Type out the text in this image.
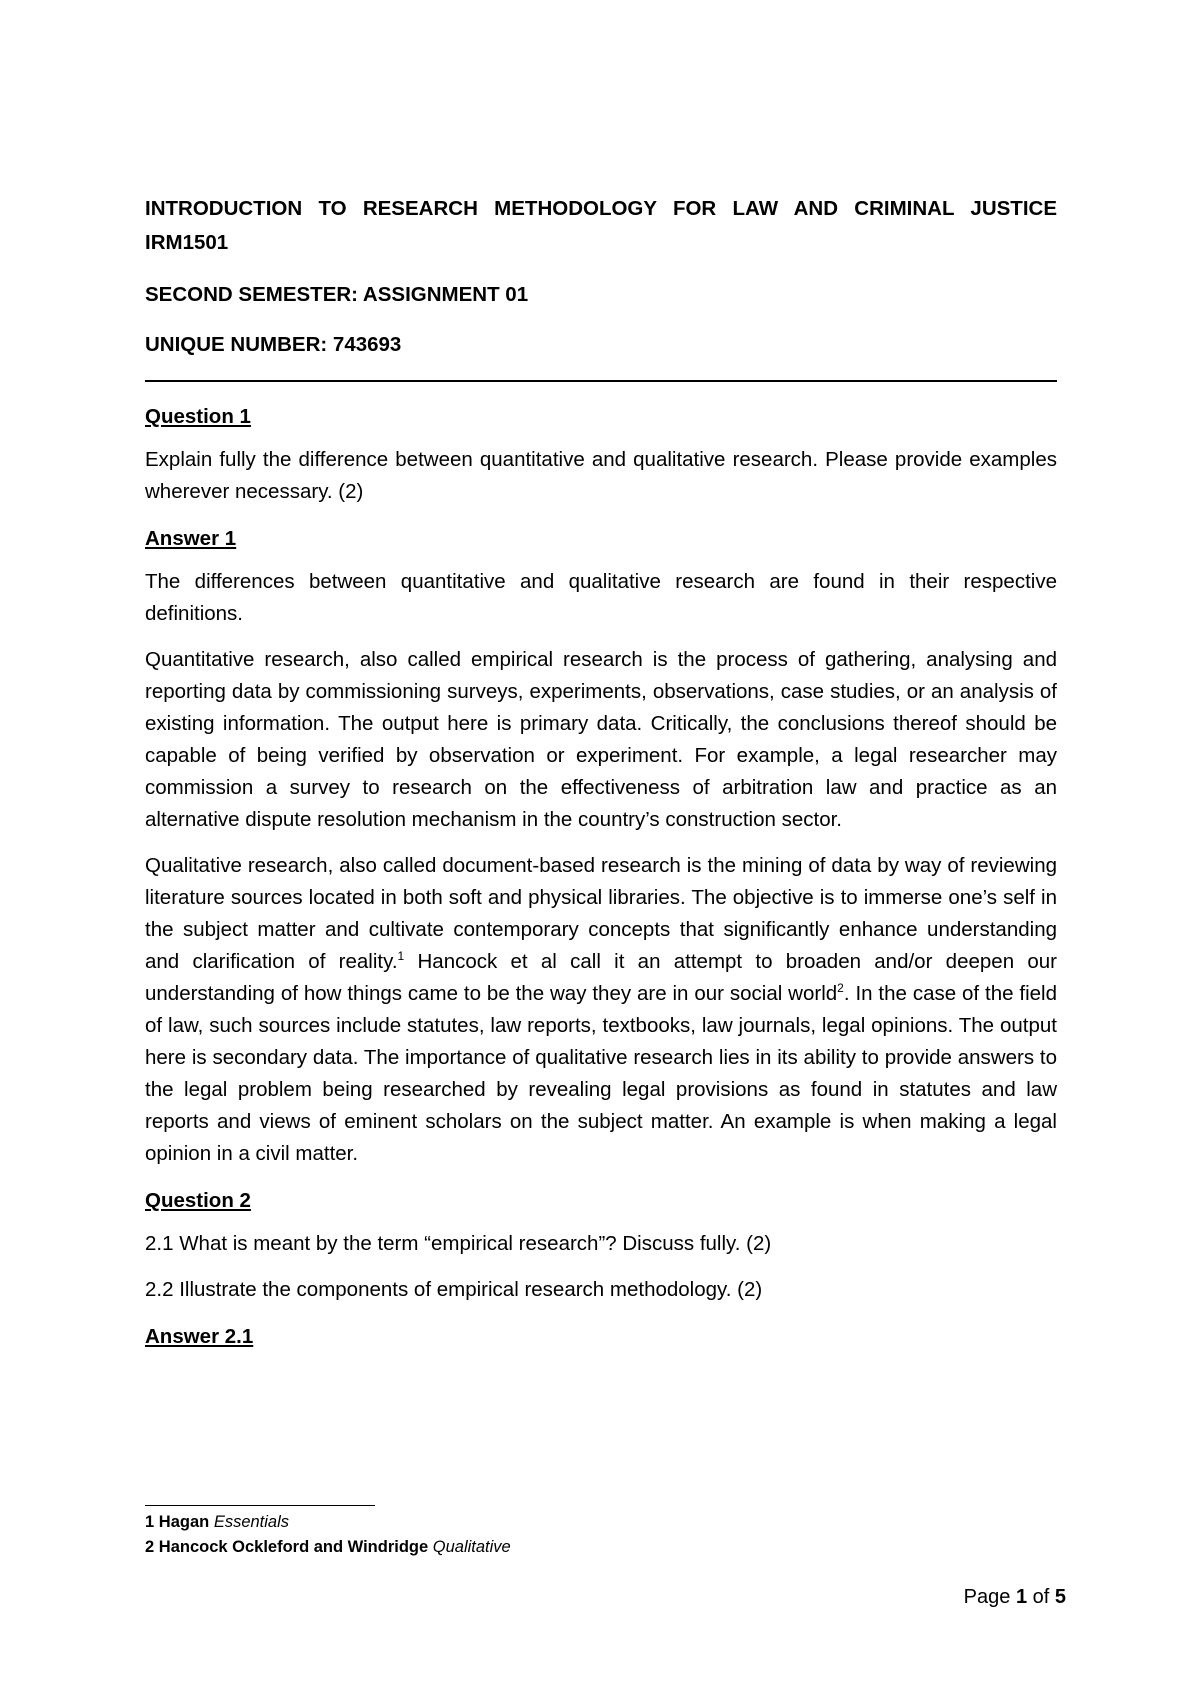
INTRODUCTION TO RESEARCH METHODOLOGY FOR LAW AND CRIMINAL JUSTICE

IRM1501

SECOND SEMESTER: ASSIGNMENT 01

UNIQUE NUMBER: 743693

Question 1

Explain fully the difference between quantitative and qualitative research. Please provide examples wherever necessary. (2)

Answer 1

The differences between quantitative and qualitative research are found in their respective definitions.

Quantitative research, also called empirical research is the process of gathering, analysing and reporting data by commissioning surveys, experiments, observations, case studies, or an analysis of existing information. The output here is primary data. Critically, the conclusions thereof should be capable of being verified by observation or experiment. For example, a legal researcher may commission a survey to research on the effectiveness of arbitration law and practice as an alternative dispute resolution mechanism in the country’s construction sector.

Qualitative research, also called document-based research is the mining of data by way of reviewing literature sources located in both soft and physical libraries. The objective is to immerse one’s self in the subject matter and cultivate contemporary concepts that significantly enhance understanding and clarification of reality.$^1$ Hancock et al call it an attempt to broaden and/or deepen our understanding of how things came to be the way they are in our social world$^2$. In the case of the field of law, such sources include statutes, law reports, textbooks, law journals, legal opinions. The output here is secondary data. The importance of qualitative research lies in its ability to provide answers to the legal problem being researched by revealing legal provisions as found in statutes and law reports and views of eminent scholars on the subject matter. An example is when making a legal opinion in a civil matter.

Question 2

2.1 What is meant by the term “empirical research”? Discuss fully. (2)

2.2 Illustrate the components of empirical research methodology. (2)

Answer 2.1

1 Hagan Essentials
2 Hancock Ockleford and Windridge Qualitative
Page 1 of 5
